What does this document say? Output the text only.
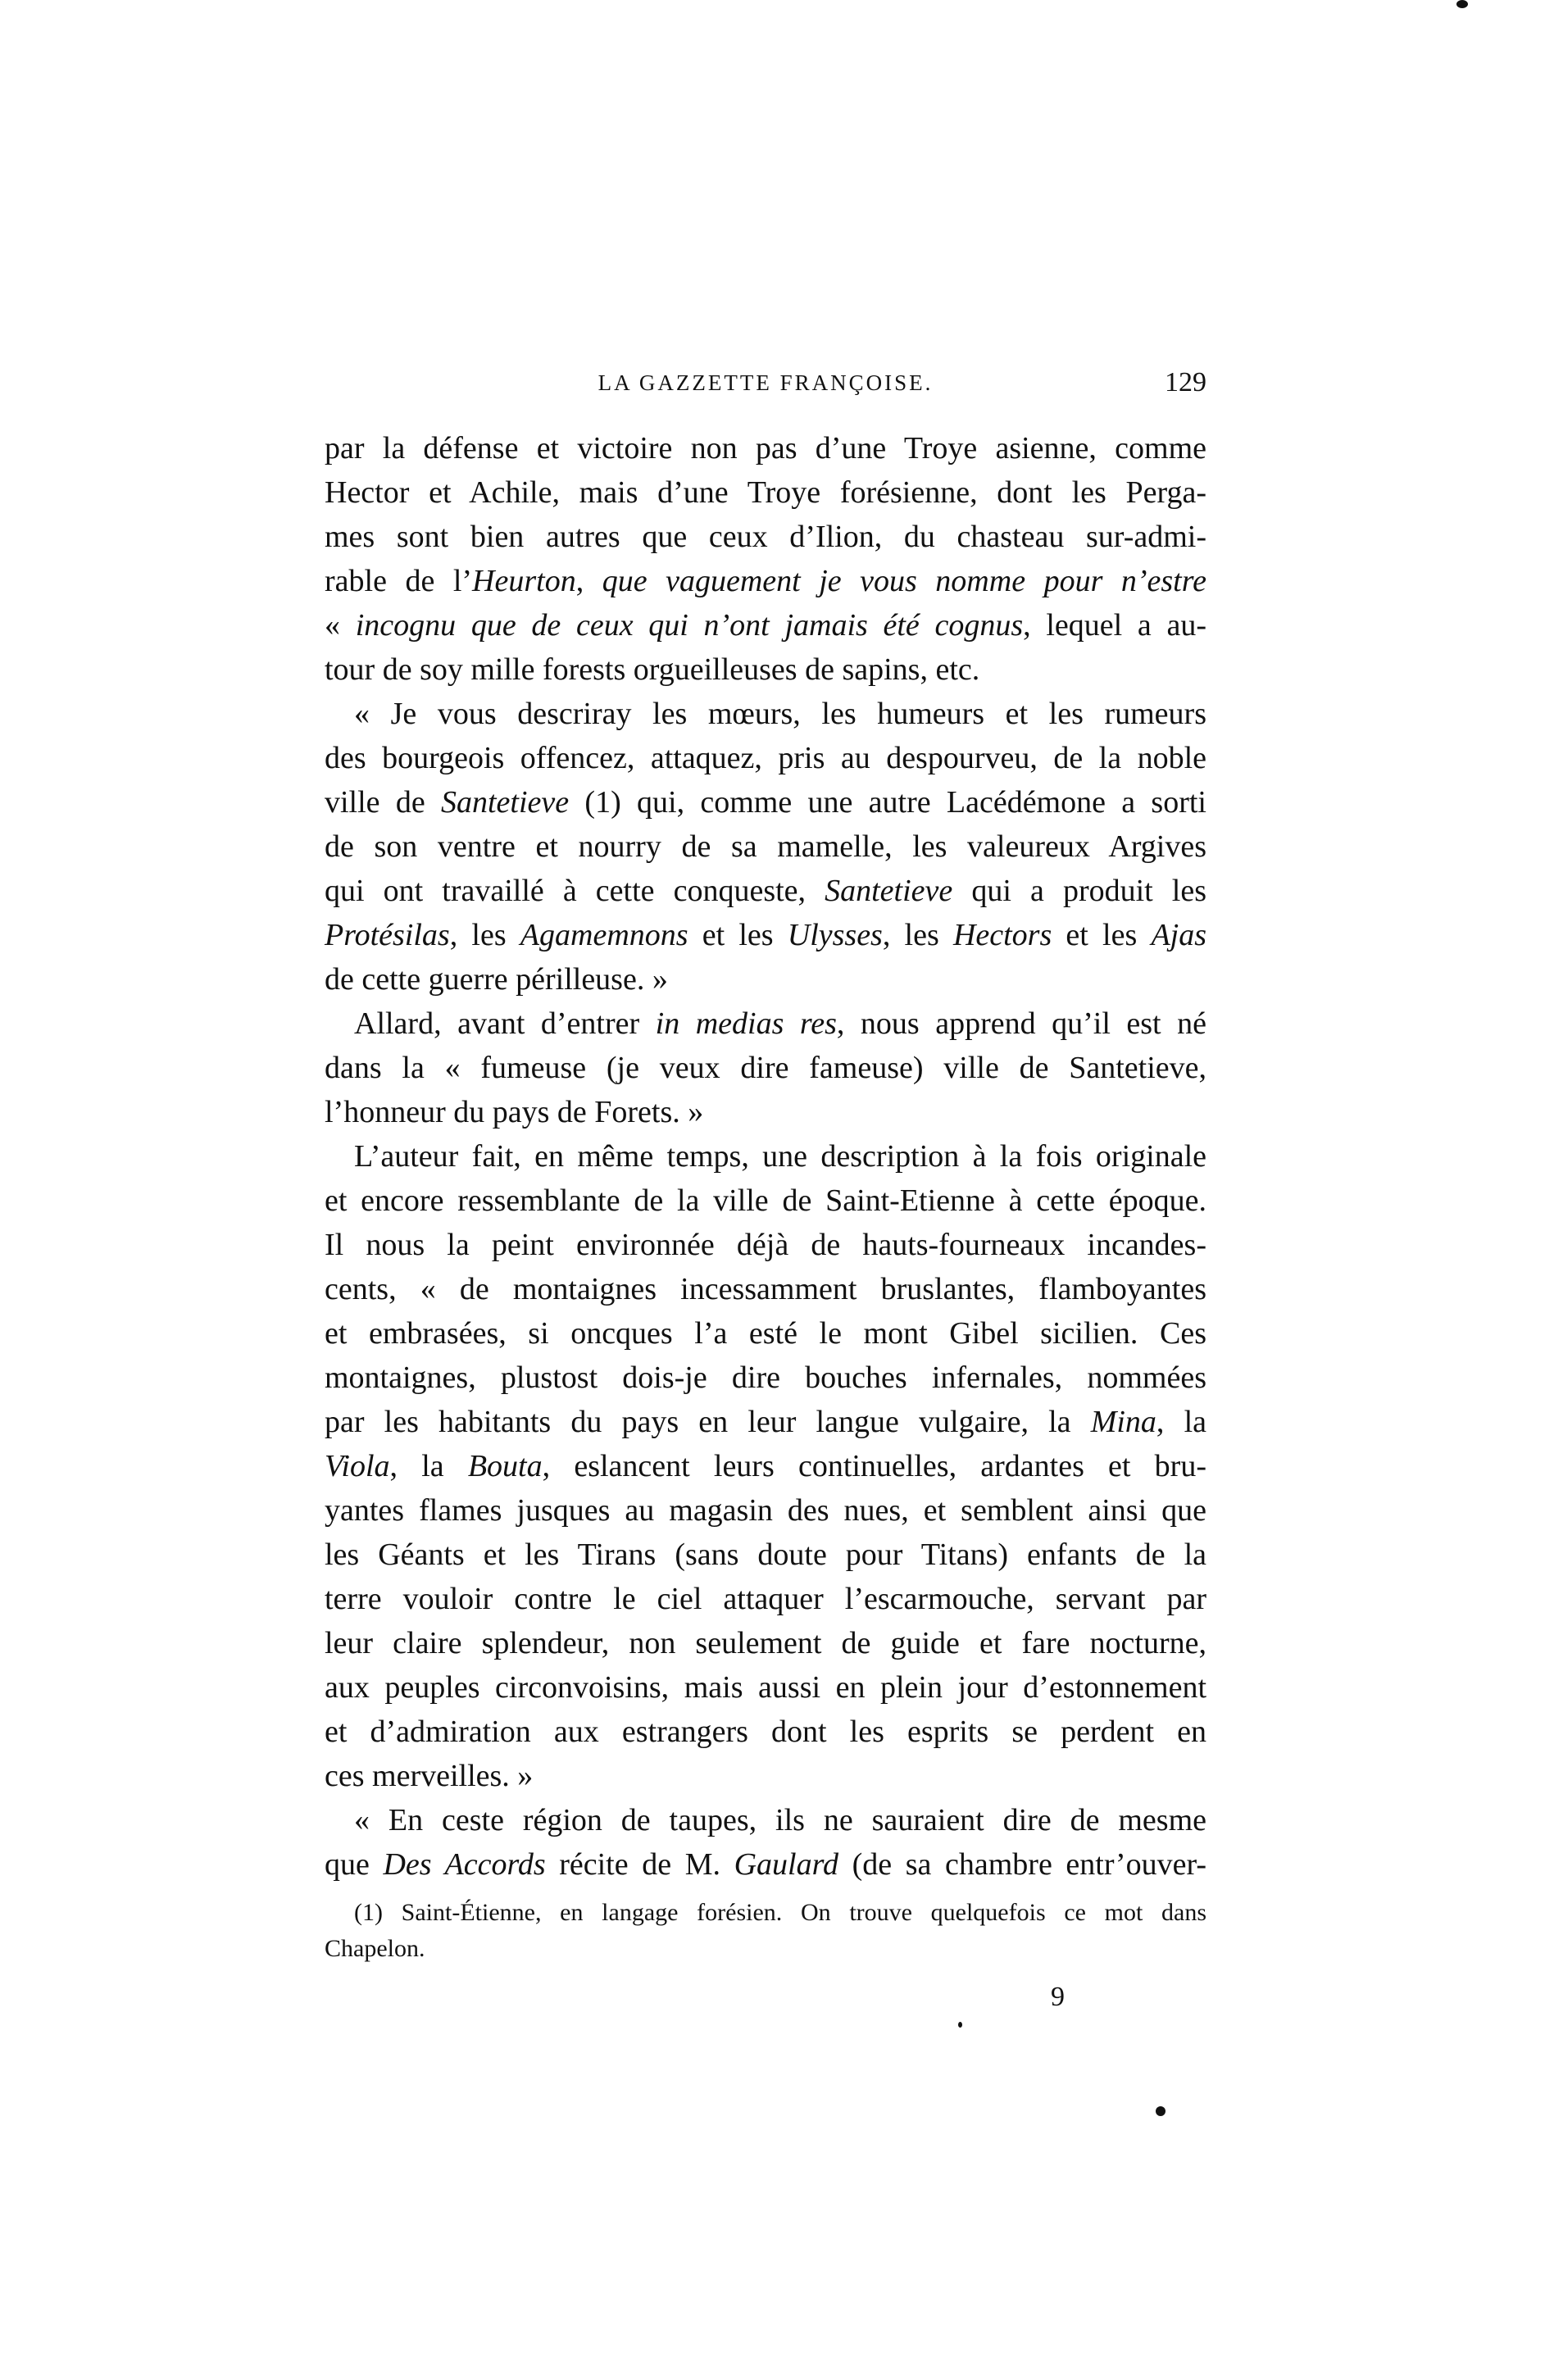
LA GAZZETTE FRANÇOISE.	129
par la défense et victoire non pas d’une Troye asienne, comme
Hector et Achile, mais d’une Troye forésienne, dont les Perga-
mes sont bien autres que ceux d’Ilion, du chasteau sur-admi-
rable de l’Heurton, que vaguement je vous nomme pour n’estre
« incognu que de ceux qui n’ont jamais été cognus, lequel a au-
tour de soy mille forests orgueilleuses de sapins, etc.
« Je vous descriray les mœurs, les humeurs et les rumeurs
des bourgeois offencez, attaquez, pris au despourveu, de la noble
ville de Santetieve (1) qui, comme une autre Lacédémone a sorti
de son ventre et nourry de sa mamelle, les valeureux Argives
qui ont travaillé à cette conqueste, Santetieve qui a produit les
Protésilas, les Agamemnons et les Ulysses, les Hectors et les Ajas
de cette guerre périlleuse. »
Allard, avant d’entrer in medias res, nous apprend qu’il est né
dans la « fumeuse (je veux dire fameuse) ville de Santetieve,
l’honneur du pays de Forets. »
L’auteur fait, en même temps, une description à la fois originale
et encore ressemblante de la ville de Saint-Etienne à cette époque.
Il nous la peint environnée déjà de hauts-fourneaux incandes-
cents, « de montaignes incessamment bruslantes, flamboyantes
et embrasées, si oncques l’a esté le mont Gibel sicilien. Ces
montaignes, plustost dois-je dire bouches infernales, nommées
par les habitants du pays en leur langue vulgaire, la Mina, la
Viola, la Bouta, eslancent leurs continuelles, ardantes et bru-
yantes flames jusques au magasin des nues, et semblent ainsi que
les Géants et les Tirans (sans doute pour Titans) enfants de la
terre vouloir contre le ciel attaquer l’escarmouche, servant par
leur claire splendeur, non seulement de guide et fare nocturne,
aux peuples circonvoisins, mais aussi en plein jour d’estonnement
et d’admiration aux estrangers dont les esprits se perdent en
ces merveilles. »
« En ceste région de taupes, ils ne sauraient dire de mesme
que Des Accords récite de M. Gaulard (de sa chambre entr’ouver-
(1) Saint-Étienne, en langage forésien. On trouve quelquefois ce mot dans
Chapelon.
9
